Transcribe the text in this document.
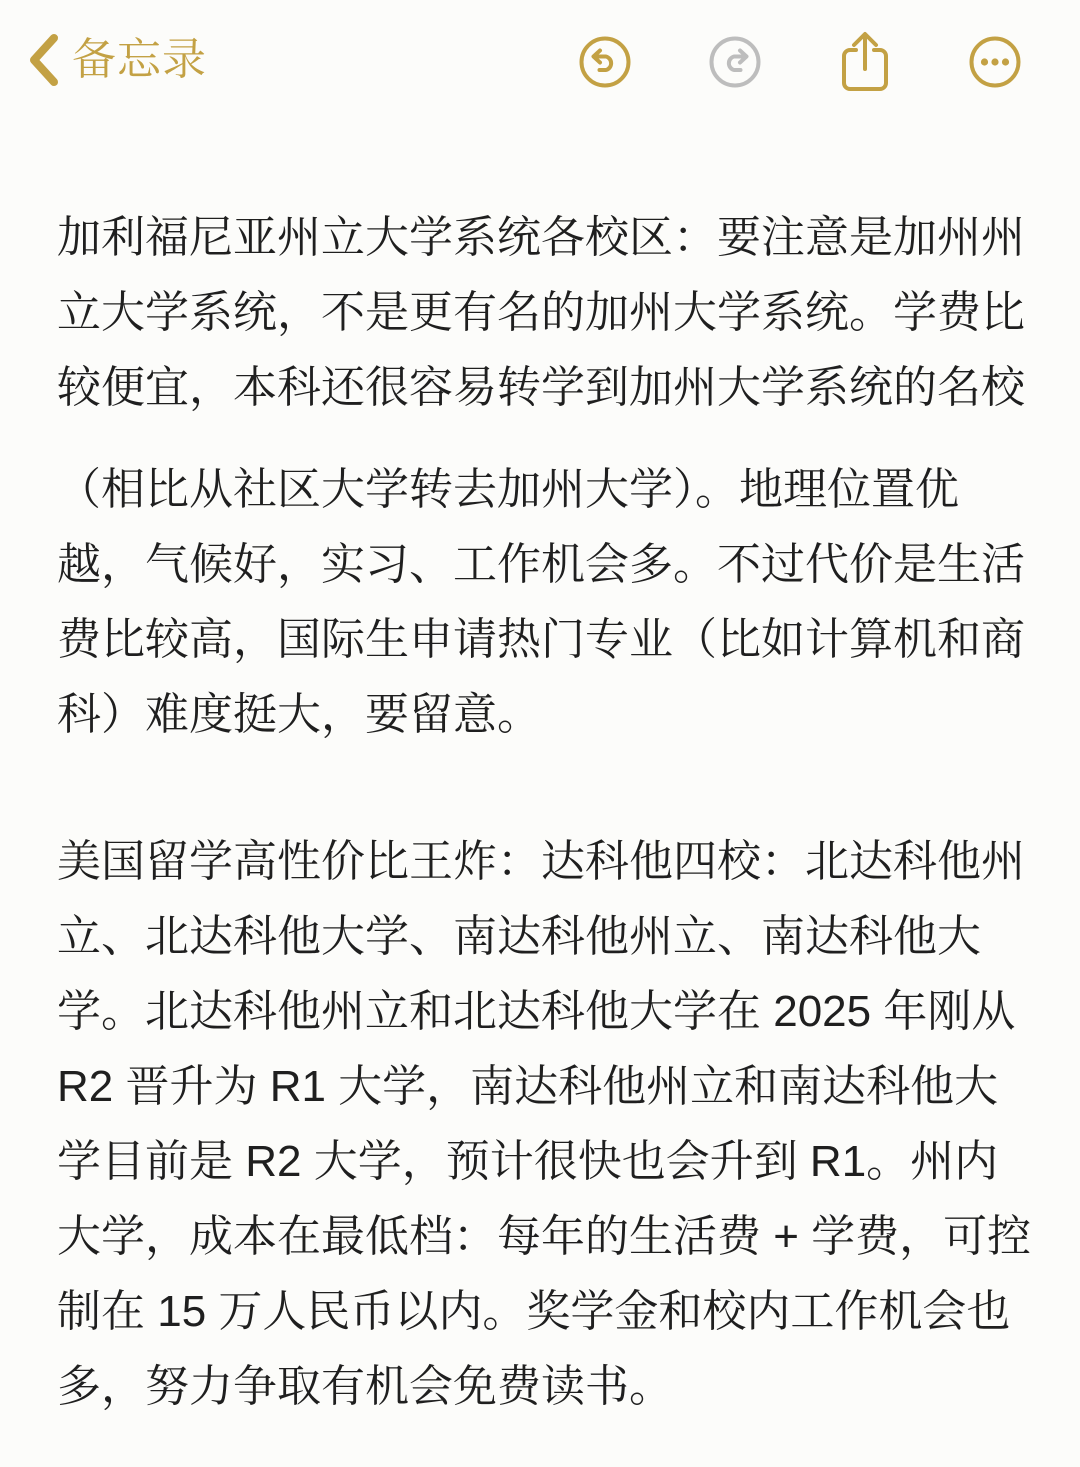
备忘录
加利福尼亚州立大学系统各校区：要注意是加州州
立大学系统，不是更有名的加州大学系统。学费比
较便宜，本科还很容易转学到加州大学系统的名校
（相比从社区大学转去加州大学）。地理位置优
越，气候好，实习、工作机会多。不过代价是生活
费比较高，国际生申请热门专业（比如计算机和商
科）难度挺大，要留意。
美国留学高性价比王炸：达科他四校：北达科他州
立、北达科他大学、南达科他州立、南达科他大
学。北达科他州立和北达科他大学在 2025 年刚从
R2 晋升为 R1 大学，南达科他州立和南达科他大
学目前是 R2 大学，预计很快也会升到 R1。州内
大学，成本在最低档：每年的生活费 + 学费，可控
制在 15 万人民币以内。奖学金和校内工作机会也
多，努力争取有机会免费读书。
